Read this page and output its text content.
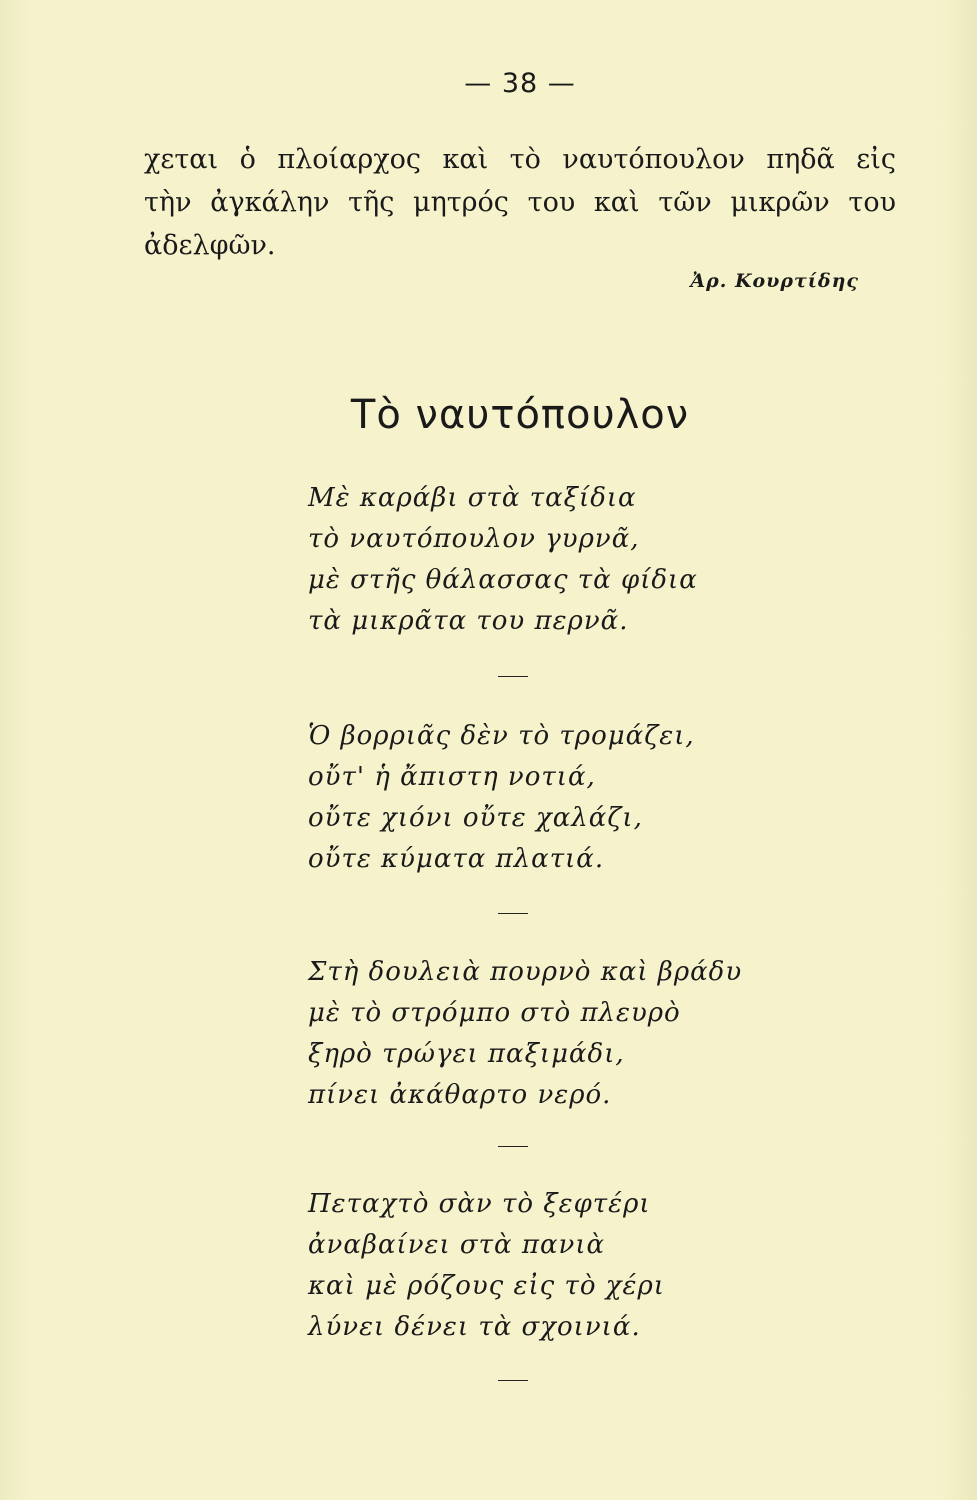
— 38 —
χεται ὁ πλοίαρχος καὶ τὸ ναυτόπουλον πηδᾶ εἰς
τὴν ἀγκάλην τῆς μητρός του καὶ τῶν μικρῶν του
ἀδελφῶν.
Ἀρ. Κουρτίδης
Τὸ ναυτόπουλον
Μὲ καράβι στὰ ταξίδια
τὸ ναυτόπουλον γυρνᾶ,
μὲ στῆς θάλασσας τὰ φίδια
τὰ μικρᾶτα του περνᾶ.
Ὁ βορριᾶς δὲν τὸ τρομάζει,
οὔτ' ἡ ἄπιστη νοτιά,
οὔτε χιόνι οὔτε χαλάζι,
οὔτε κύματα πλατιά.
Στὴ δουλειὰ πουρνὸ καὶ βράδυ
μὲ τὸ στρόμπο στὸ πλευρὸ
ξηρὸ τρώγει παξιμάδι,
πίνει ἀκάθαρτο νερό.
Πεταχτὸ σὰν τὸ ξεφτέρι
ἀναβαίνει στὰ πανιὰ
καὶ μὲ ρόζους εἰς τὸ χέρι
λύνει δένει τὰ σχοινιά.
